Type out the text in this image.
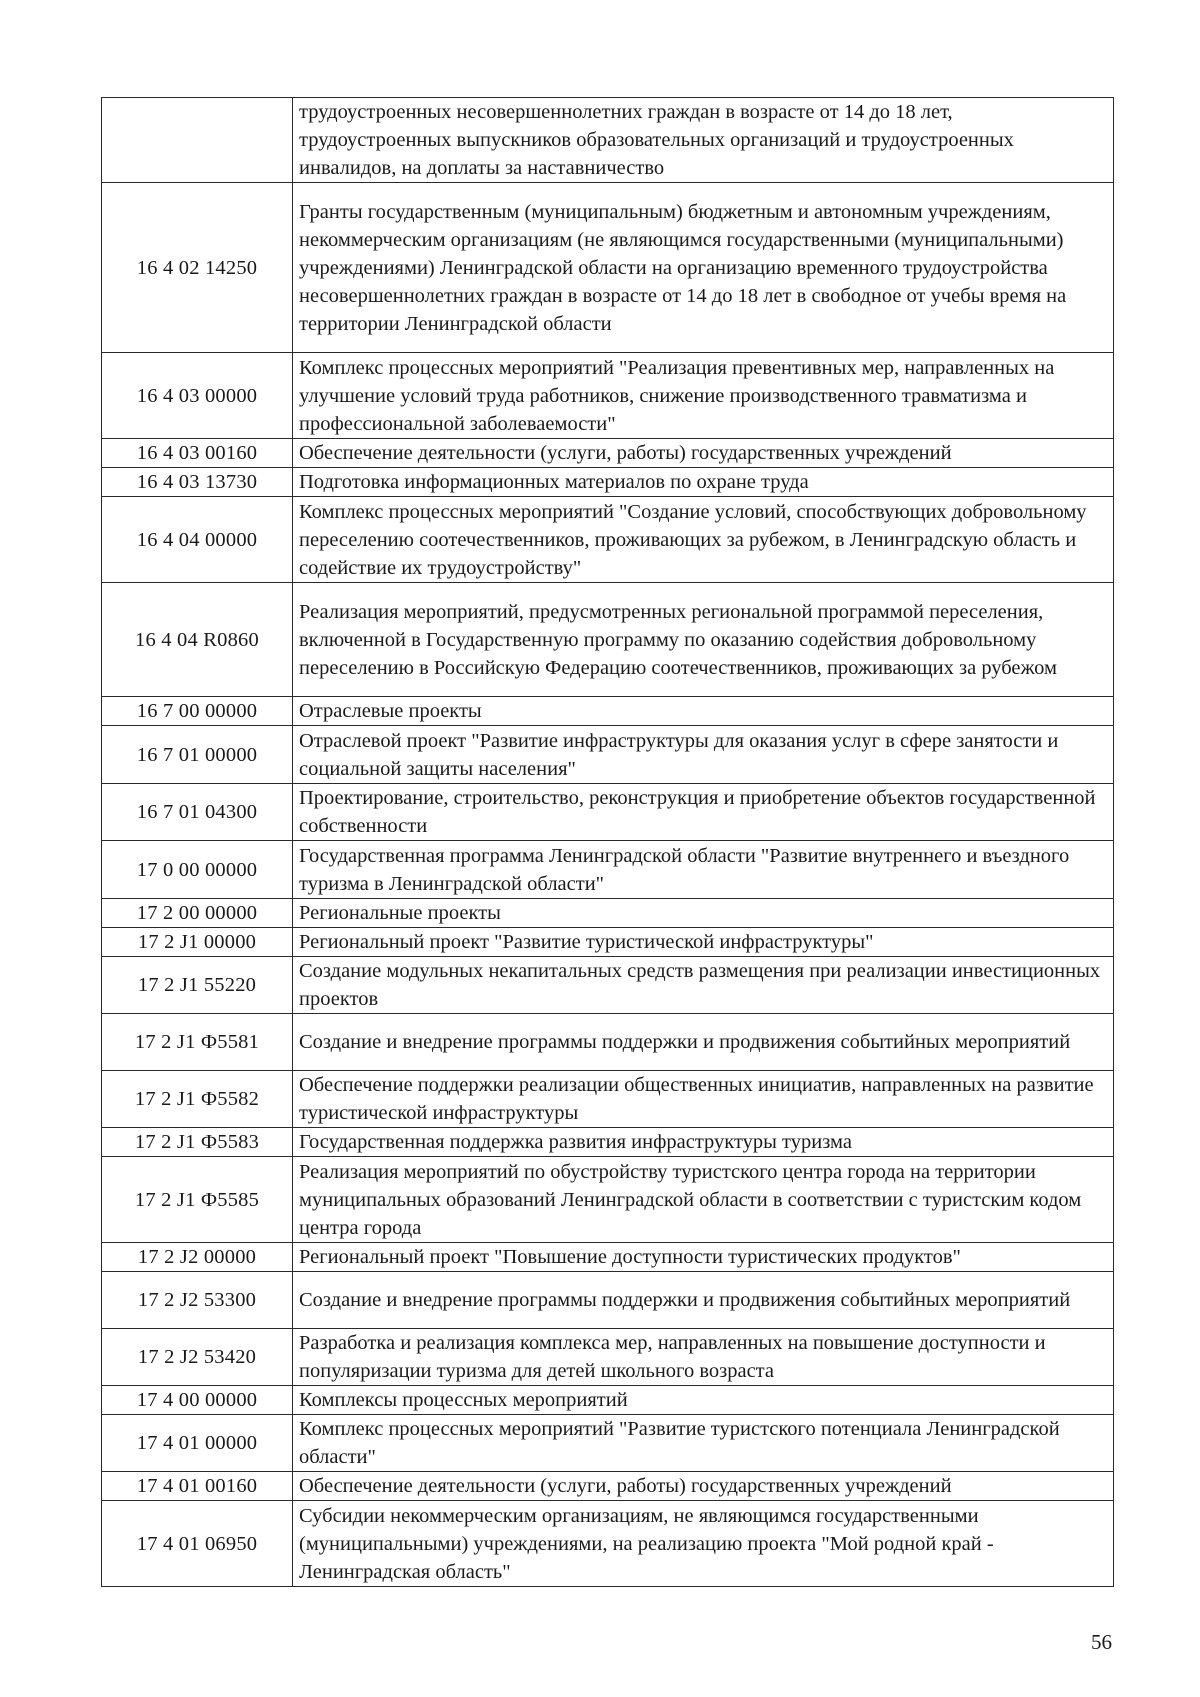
	трудоустроенных несовершеннолетних граждан в возрасте от 14 до 18 лет, трудоустроенных выпускников образовательных организаций и трудоустроенных инвалидов, на доплаты за наставничество
16 4 02 14250	Гранты государственным (муниципальным) бюджетным и автономным учреждениям, некоммерческим организациям (не являющимся государственными (муниципальными) учреждениями) Ленинградской области на организацию временного трудоустройства несовершеннолетних граждан в возрасте от 14 до 18 лет в свободное от учебы время на территории Ленинградской области
16 4 03 00000	Комплекс процессных мероприятий "Реализация превентивных мер, направленных на улучшение условий труда работников, снижение производственного травматизма и профессиональной заболеваемости"
16 4 03 00160	Обеспечение деятельности (услуги, работы) государственных учреждений
16 4 03 13730	Подготовка информационных материалов по охране труда
16 4 04 00000	Комплекс процессных мероприятий "Создание условий, способствующих добровольному переселению соотечественников, проживающих за рубежом, в Ленинградскую область и содействие их трудоустройству"
16 4 04 R0860	Реализация мероприятий, предусмотренных региональной программой переселения, включенной в Государственную программу по оказанию содействия добровольному переселению в Российскую Федерацию соотечественников, проживающих за рубежом
16 7 00 00000	Отраслевые проекты
16 7 01 00000	Отраслевой проект "Развитие инфраструктуры для оказания услуг в сфере занятости и социальной защиты населения"
16 7 01 04300	Проектирование, строительство, реконструкция и приобретение объектов государственной собственности
17 0 00 00000	Государственная программа Ленинградской области "Развитие внутреннего и въездного туризма в Ленинградской области"
17 2 00 00000	Региональные проекты
17 2 J1 00000	Региональный проект "Развитие туристической инфраструктуры"
17 2 J1 55220	Создание модульных некапитальных средств размещения при реализации инвестиционных проектов
17 2 J1 Ф5581	Создание и внедрение программы поддержки и продвижения событийных мероприятий
17 2 J1 Ф5582	Обеспечение поддержки реализации общественных инициатив, направленных на развитие туристической инфраструктуры
17 2 J1 Ф5583	Государственная поддержка развития инфраструктуры туризма
17 2 J1 Ф5585	Реализация мероприятий по обустройству туристского центра города на территории муниципальных образований Ленинградской области в соответствии с туристским кодом центра города
17 2 J2 00000	Региональный проект "Повышение доступности туристических продуктов"
17 2 J2 53300	Создание и внедрение программы поддержки и продвижения событийных мероприятий
17 2 J2 53420	Разработка и реализация комплекса мер, направленных на повышение доступности и популяризации туризма для детей школьного возраста
17 4 00 00000	Комплексы процессных мероприятий
17 4 01 00000	Комплекс процессных мероприятий "Развитие туристского потенциала Ленинградской области"
17 4 01 00160	Обеспечение деятельности (услуги, работы) государственных учреждений
17 4 01 06950	Субсидии некоммерческим организациям, не являющимся государственными (муниципальными) учреждениями, на реализацию проекта "Мой родной край - Ленинградская область"
56
